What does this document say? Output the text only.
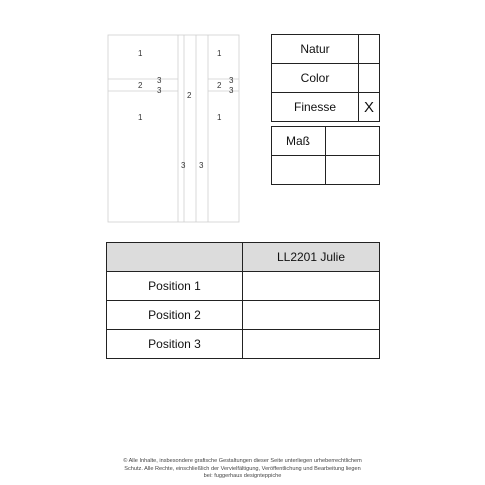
1
2
3
3
1
2
3 3
1
2
3
3
1
Natur	
Color	
Finesse	X
Maß	

	LL2201 Julie
Position 1	
Position 2	
Position 3	
© Alle Inhalte, insbesondere grafische Gestaltungen dieser Seite unterliegen urheberrechtlichem
Schutz. Alle Rechte, einschließlich der Vervielfältigung, Veröffentlichung und Bearbeitung liegen
bei: fuggerhaus designteppiche
